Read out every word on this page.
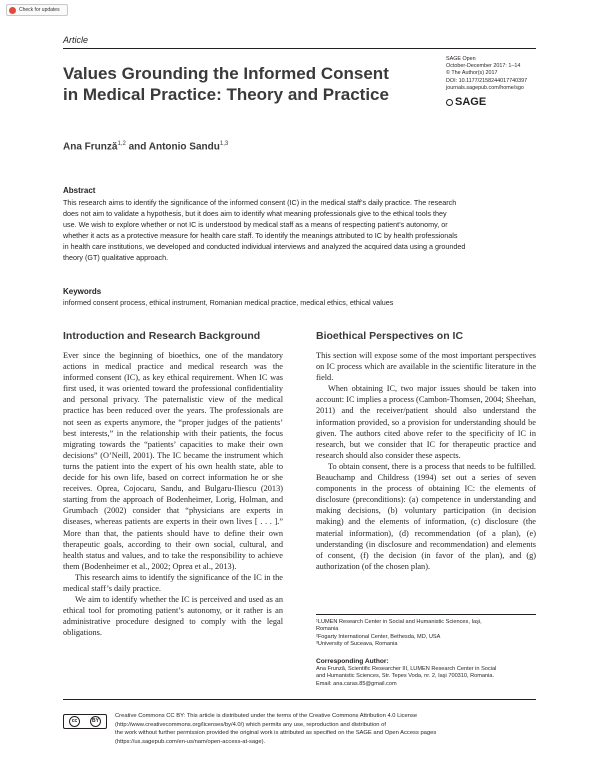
Check for updates
Article
Values Grounding the Informed Consent
in Medical Practice: Theory and Practice
SAGE Open
October-December 2017: 1–14
© The Author(s) 2017
DOI: 10.1177/2158244017740397
journals.sagepub.com/home/sgo
SAGE
Ana Frunză$^{1,2}$ and Antonio Sandu$^{1,3}$
Abstract
This research aims to identify the significance of the informed consent (IC) in the medical staff’s daily practice. The research
does not aim to validate a hypothesis, but it does aim to identify what meaning professionals give to the ethical tools they
use. We wish to explore whether or not IC is understood by medical staff as a means of respecting patient’s autonomy, or
whether it acts as a protective measure for health care staff. To identify the meanings attributed to IC by health professionals
in health care institutions, we developed and conducted individual interviews and analyzed the acquired data using a grounded
theory (GT) qualitative approach.
Keywords
informed consent process, ethical instrument, Romanian medical practice, medical ethics, ethical values
Introduction and Research Background

Ever since the beginning of bioethics, one of the mandatory actions in medical practice and medical research was the informed consent (IC), as key ethical requirement. When IC was first used, it was oriented toward the professional confidentiality and personal privacy. The paternalistic view of the medical practice has been reduced over the years. The professionals are not seen as experts anymore, the “proper judges of the patients’ best interests,” in the relationship with their patients, the focus migrating towards the “patients’ capacities to make their own decisions” (O’Neill, 2001). The IC became the instrument which turns the patient into the expert of his own health state, able to decide for his own life, based on correct information he or she receives. Oprea, Cojocaru, Sandu, and Bulgaru-Iliescu (2013) starting from the approach of Bodenheimer, Lorig, Holman, and Grumbach (2002) consider that “physicians are experts in diseases, whereas patients are experts in their own lives [ . . . ].” More than that, the patients should have to define their own therapeutic goals, according to their own social, cultural, and health status and values, and to take the responsibility to achieve them (Bodenheimer et al., 2002; Oprea et al., 2013).

This research aims to identify the significance of the IC in the medical staff’s daily practice.

We aim to identify whether the IC is perceived and used as an ethical tool for promoting patient’s autonomy, or it rather is an administrative procedure designed to comply with the legal obligations.

Bioethical Perspectives on IC

This section will expose some of the most important perspectives on IC process which are available in the scientific literature in the field.

When obtaining IC, two major issues should be taken into account: IC implies a process (Cambon-Thomsen, 2004; Sheehan, 2011) and the receiver/patient should also understand the information provided, so a provision for understanding should be given. The authors cited above refer to the specificity of IC in research, but we consider that IC for therapeutic practice and research should also consider these aspects.

To obtain consent, there is a process that needs to be fulfilled. Beauchamp and Childress (1994) set out a series of seven components in the process of obtaining IC: the elements of disclosure (preconditions): (a) competence in understanding and making decisions, (b) voluntary participation (in decision making) and the elements of information, (c) disclosure (the material information), (d) recommendation (of a plan), (e) understanding (in disclosure and recommendation) and elements of consent, (f) the decision (in favor of the plan), and (g) authorization (of the chosen plan).

¹LUMEN Research Center in Social and Humanistic Sciences, Iaşi,
Romania
²Fogarty International Center, Bethesda, MD, USA
³University of Suceava, Romania
Corresponding Author:
Ana Frunză, Scientific Researcher III, LUMEN Research Center in Social
and Humanistic Sciences, Str. Tepes Voda, nr. 2, Iaşi 700310, Romania.
Email: ana.caras.85@gmail.com
cc	BY
Creative Commons CC BY: This article is distributed under the terms of the Creative Commons Attribution 4.0 License
(http://www.creativecommons.org/licenses/by/4.0/) which permits any use, reproduction and distribution of
the work without further permission provided the original work is attributed as specified on the SAGE and Open Access pages
(https://us.sagepub.com/en-us/nam/open-access-at-sage).
